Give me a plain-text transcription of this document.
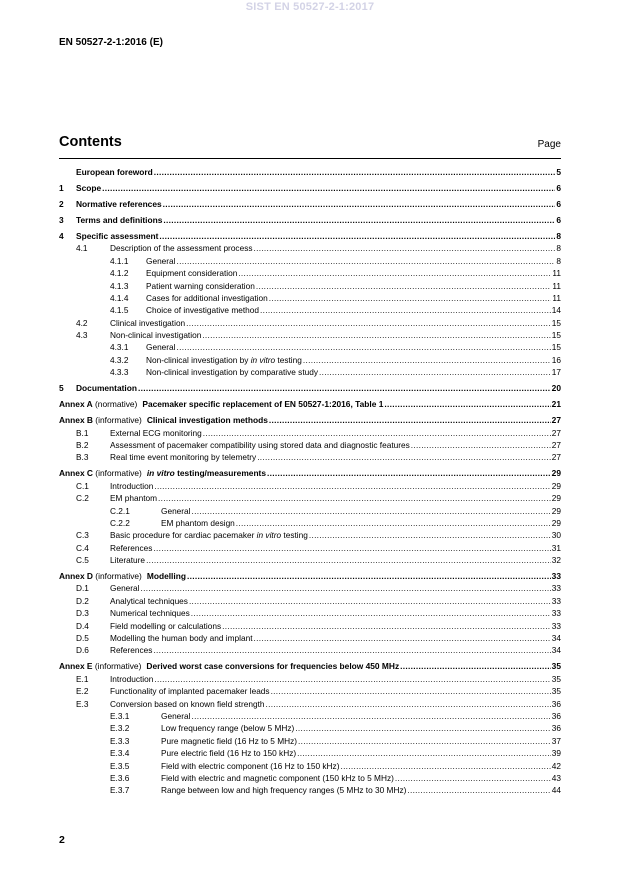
SIST EN 50527-2-1:2017
EN 50527-2-1:2016 (E)
Contents	Page
European foreword .....	5
1	Scope .....	6
2	Normative references .....	6
3	Terms and definitions .....	6
4	Specific assessment .....	8
4.1	Description of the assessment process .....	8
4.1.1	General .....	8
4.1.2	Equipment consideration .....	11
4.1.3	Patient warning consideration .....	11
4.1.4	Cases for additional investigation .....	11
4.1.5	Choice of investigative method .....	14
4.2	Clinical investigation .....	15
4.3	Non-clinical investigation .....	15
4.3.1	General .....	15
4.3.2	Non-clinical investigation by in vitro testing .....	16
4.3.3	Non-clinical investigation by comparative study .....	17
5	Documentation .....	20
Annex A (normative) Pacemaker specific replacement of EN 50527-1:2016, Table 1 .....	21
Annex B (informative) Clinical investigation methods .....	27
B.1	External ECG monitoring .....	27
B.2	Assessment of pacemaker compatibility using stored data and diagnostic features .....	27
B.3	Real time event monitoring by telemetry .....	27
Annex C (informative) in vitro testing/measurements .....	29
C.1	Introduction .....	29
C.2	EM phantom .....	29
C.2.1	General .....	29
C.2.2	EM phantom design .....	29
C.3	Basic procedure for cardiac pacemaker in vitro testing .....	30
C.4	References .....	31
C.5	Literature .....	32
Annex D (informative) Modelling .....	33
D.1	General .....	33
D.2	Analytical techniques .....	33
D.3	Numerical techniques .....	33
D.4	Field modelling or calculations .....	33
D.5	Modelling the human body and implant .....	34
D.6	References .....	34
Annex E (informative) Derived worst case conversions for frequencies below 450 MHz .....	35
E.1	Introduction .....	35
E.2	Functionality of implanted pacemaker leads .....	35
E.3	Conversion based on known field strength .....	36
E.3.1	General .....	36
E.3.2	Low frequency range (below 5 MHz) .....	36
E.3.3	Pure magnetic field (16 Hz to 5 MHz) .....	37
E.3.4	Pure electric field (16 Hz to 150 kHz) .....	39
E.3.5	Field with electric component (16 Hz to 150 kHz) .....	42
E.3.6	Field with electric and magnetic component (150 kHz to 5 MHz) .....	43
E.3.7	Range between low and high frequency ranges (5 MHz to 30 MHz) .....	44
2
